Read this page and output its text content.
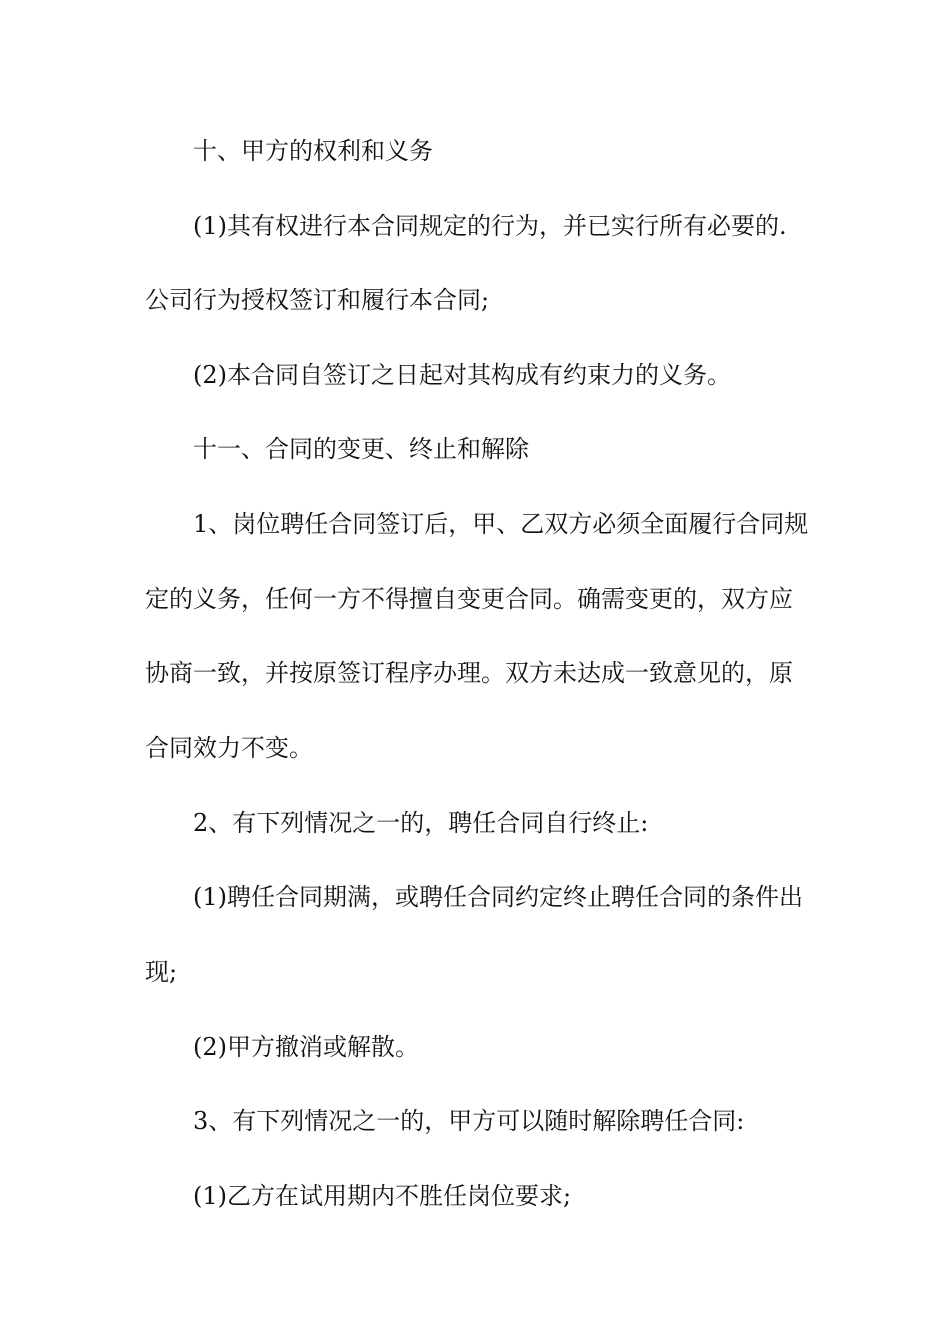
十、甲方的权利和义务
(1)其有权进行本合同规定的行为，并已实行所有必要的.
公司行为授权签订和履行本合同;
(2)本合同自签订之日起对其构成有约束力的义务。
十一、合同的变更、终止和解除
1、岗位聘任合同签订后，甲、乙双方必须全面履行合同规
定的义务，任何一方不得擅自变更合同。确需变更的，双方应
协商一致，并按原签订程序办理。双方未达成一致意见的，原
合同效力不变。
2、有下列情况之一的，聘任合同自行终止:
(1)聘任合同期满，或聘任合同约定终止聘任合同的条件出
现;
(2)甲方撤消或解散。
3、有下列情况之一的，甲方可以随时解除聘任合同:
(1)乙方在试用期内不胜任岗位要求;
